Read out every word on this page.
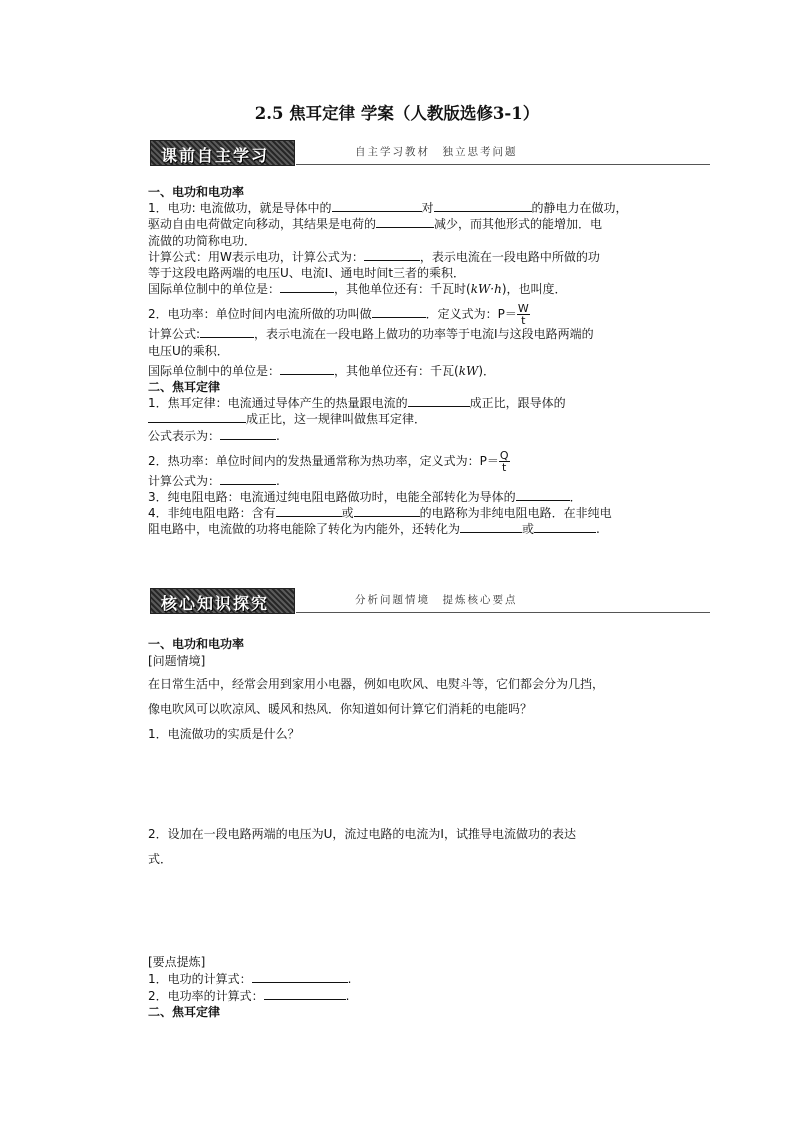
2.5 焦耳定律 学案（人教版选修3-1）
课前自主学习	自主学习教材　独立思考问题

一、电功和电功率

1．电功: 电流做功，就是导体中的	对	的静电力在做功，

驱动自由电荷做定向移动，其结果是电荷的	减少，而其他形式的能增加．电

流做的功简称电功．

计算公式：用W表示电功，计算公式为：	，表示电流在一段电路中所做的功

等于这段电路两端的电压U、电流I、通电时间t三者的乘积．

国际单位制中的单位是：	，其他单位还有：千瓦时(kW·h)，也叫度．

2．电功率：单位时间内电流所做的功叫做	．定义式为：$P= \frac{W}{t}$

计算公式:	，表示电流在一段电路上做功的功率等于电流I与这段电路两端的

电压U的乘积．

国际单位制中的单位是：	，其他单位还有：千瓦(kW)．

二、焦耳定律

1．焦耳定律：电流通过导体产生的热量跟电流的	成正比，跟导体的

成正比，这一规律叫做焦耳定律．

公式表示为：	.

2．热功率：单位时间内的发热量通常称为热功率，定义式为：$P= \frac{Q}{t}$

计算公式为：	.

3．纯电阻电路：电流通过纯电阻电路做功时，电能全部转化为导体的	．

4．非纯电阻电路：含有	或	的电路称为非纯电阻电路．在非纯电

阻电路中，电流做的功将电能除了转化为内能外，还转化为	或	.

核心知识探究	分析问题情境　提炼核心要点

一、电功和电功率

[问题情境]

在日常生活中，经常会用到家用小电器，例如电吹风、电熨斗等，它们都会分为几挡，

像电吹风可以吹凉风、暖风和热风．你知道如何计算它们消耗的电能吗？

1．电流做功的实质是什么？

2．设加在一段电路两端的电压为U，流过电路的电流为I，试推导电流做功的表达

式．

[要点提炼]

1．电功的计算式：	.

2．电功率的计算式：	.

二、焦耳定律
